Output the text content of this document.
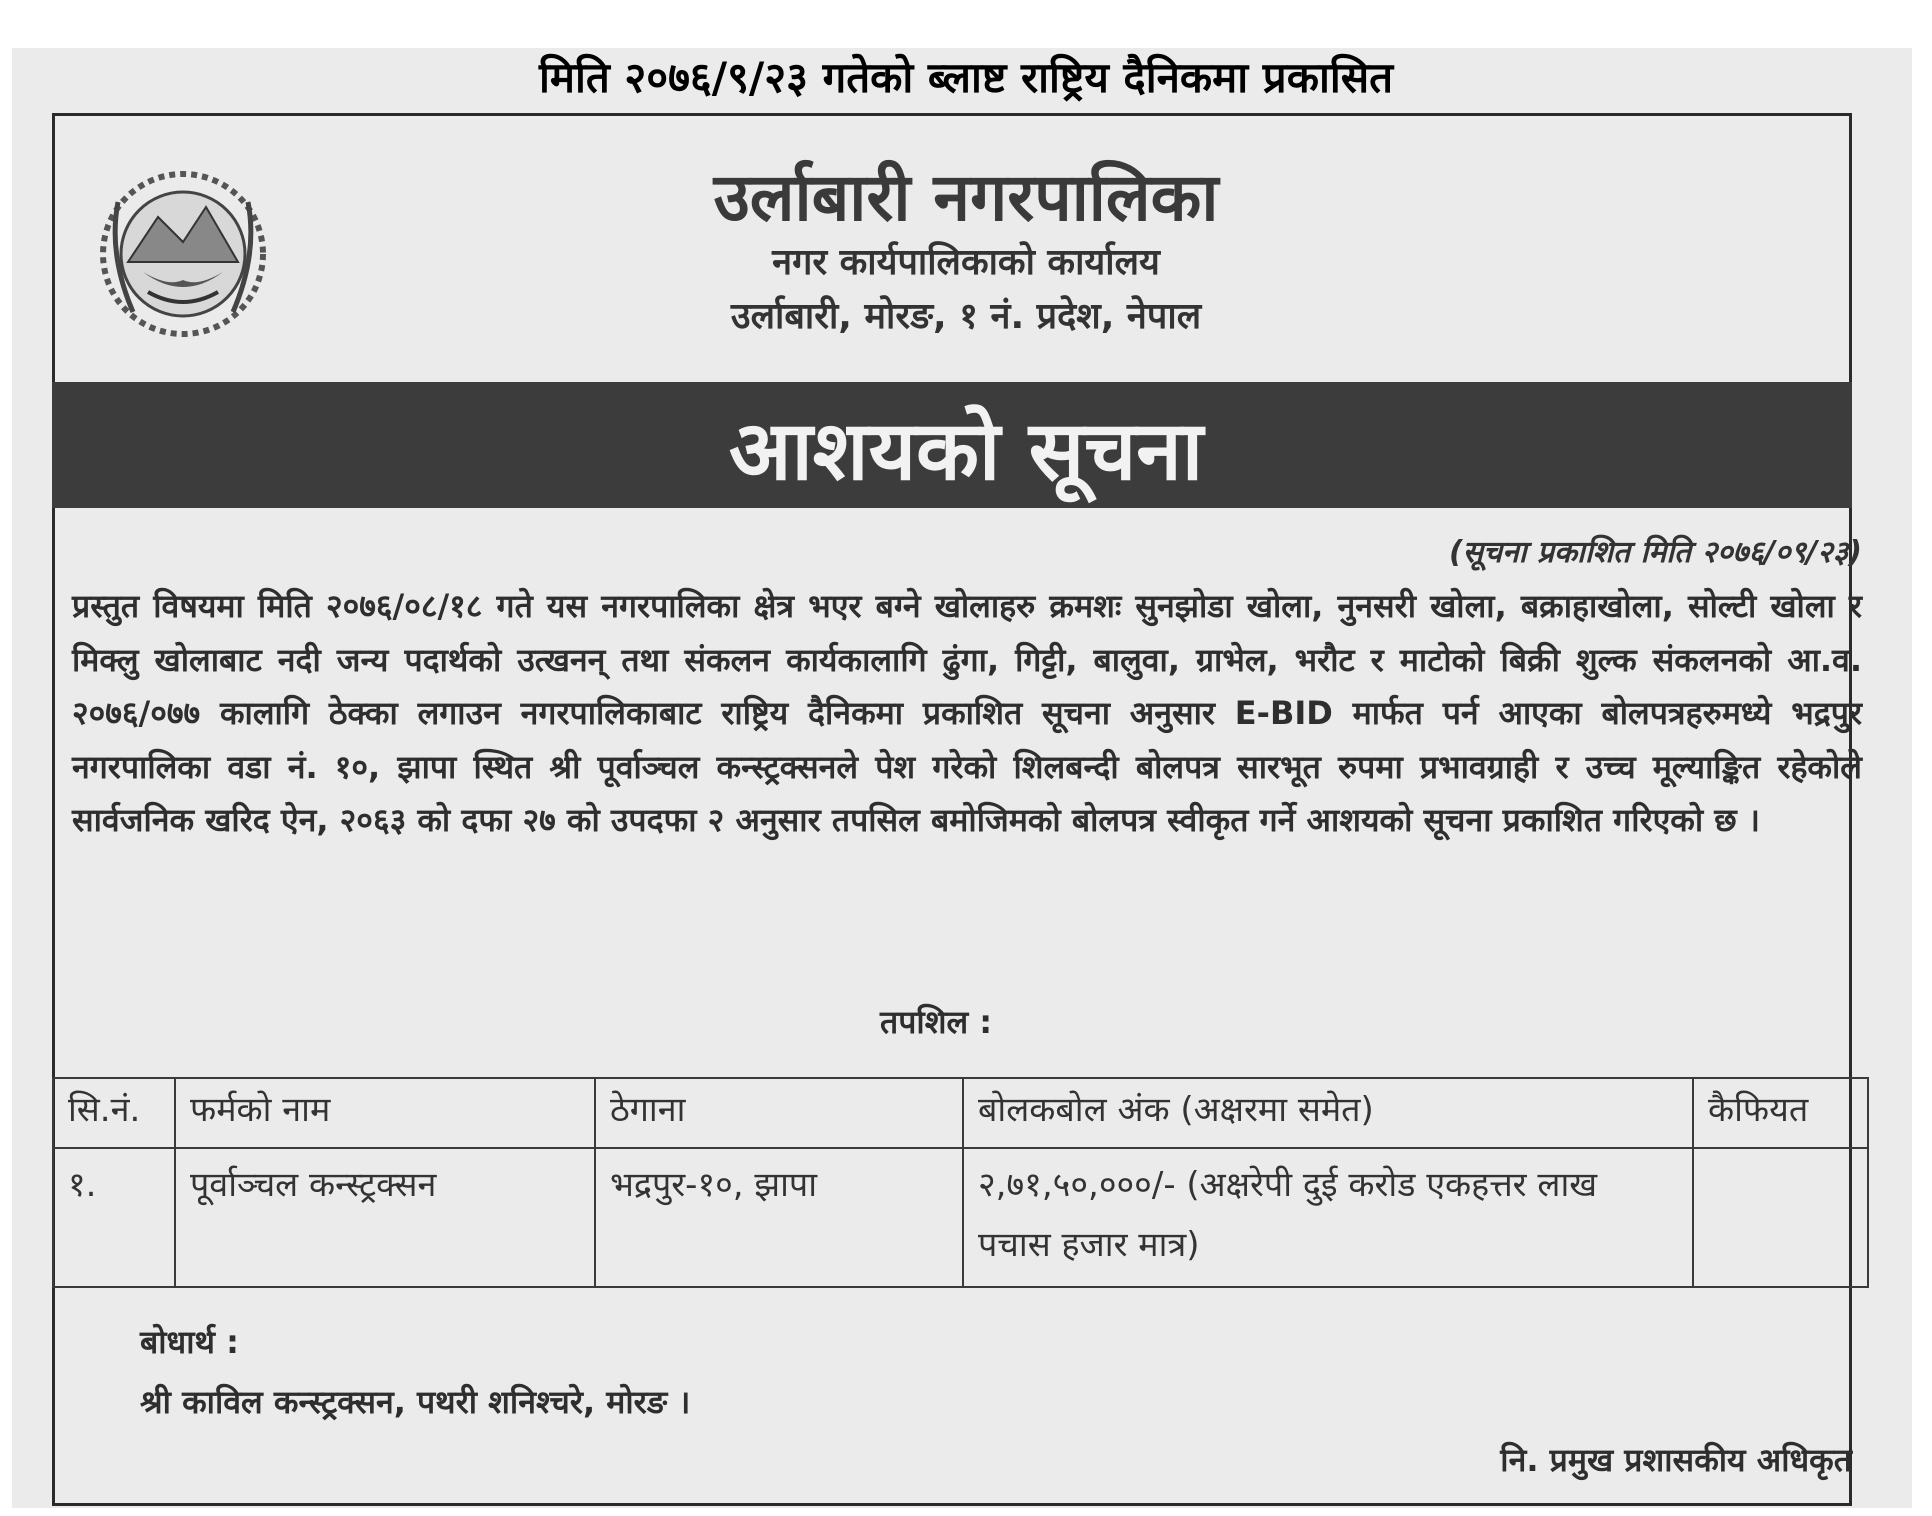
मिति २०७६/९/२३ गतेको ब्लाष्ट राष्ट्रिय दैनिकमा प्रकासित
उर्लाबारी नगरपालिका
नगर कार्यपालिकाको कार्यालय
उर्लाबारी, मोरङ, १ नं. प्रदेश, नेपाल
आशयको सूचना
(सूचना प्रकाशित मिति २०७६/०९/२३)
प्रस्तुत विषयमा मिति २०७६/०८/१८ गते यस नगरपालिका क्षेत्र भएर बग्ने खोलाहरु क्रमशः सुनझोडा खोला, नुनसरी खोला, बक्राहाखोला, सोल्टी खोला र मिक्लु खोलाबाट नदी जन्य पदार्थको उत्खनन् तथा संकलन कार्यकालागि ढुंगा, गिट्टी, बालुवा, ग्राभेल, भरौट र माटोको बिक्री शुल्क संकलनको आ.व. २०७६/०७७ कालागि ठेक्का लगाउन नगरपालिकाबाट राष्ट्रिय दैनिकमा प्रकाशित सूचना अनुसार E-BID मार्फत पर्न आएका बोलपत्रहरुमध्ये भद्रपुर नगरपालिका वडा नं. १०, झापा स्थित श्री पूर्वाञ्चल कन्स्ट्रक्सनले पेश गरेको शिलबन्दी बोलपत्र सारभूत रुपमा प्रभावग्राही र उच्च मूल्याङ्कित रहेकोले सार्वजनिक खरिद ऐन, २०६३ को दफा २७ को उपदफा २ अनुसार तपसिल बमोजिमको बोलपत्र स्वीकृत गर्ने आशयको सूचना प्रकाशित गरिएको छ ।
तपशिल :
सि.नं.	फर्मको नाम	ठेगाना	बोलकबोल अंक (अक्षरमा समेत)	कैफियत
१.	पूर्वाञ्चल कन्स्ट्रक्सन	भद्रपुर-१०, झापा	२,७१,५०,०००/- (अक्षरेपी दुई करोड एकहत्तर लाख पचास हजार मात्र)	
बोधार्थ :
श्री काविल कन्स्ट्रक्सन, पथरी शनिश्चरे, मोरङ ।
नि. प्रमुख प्रशासकीय अधिकृत
